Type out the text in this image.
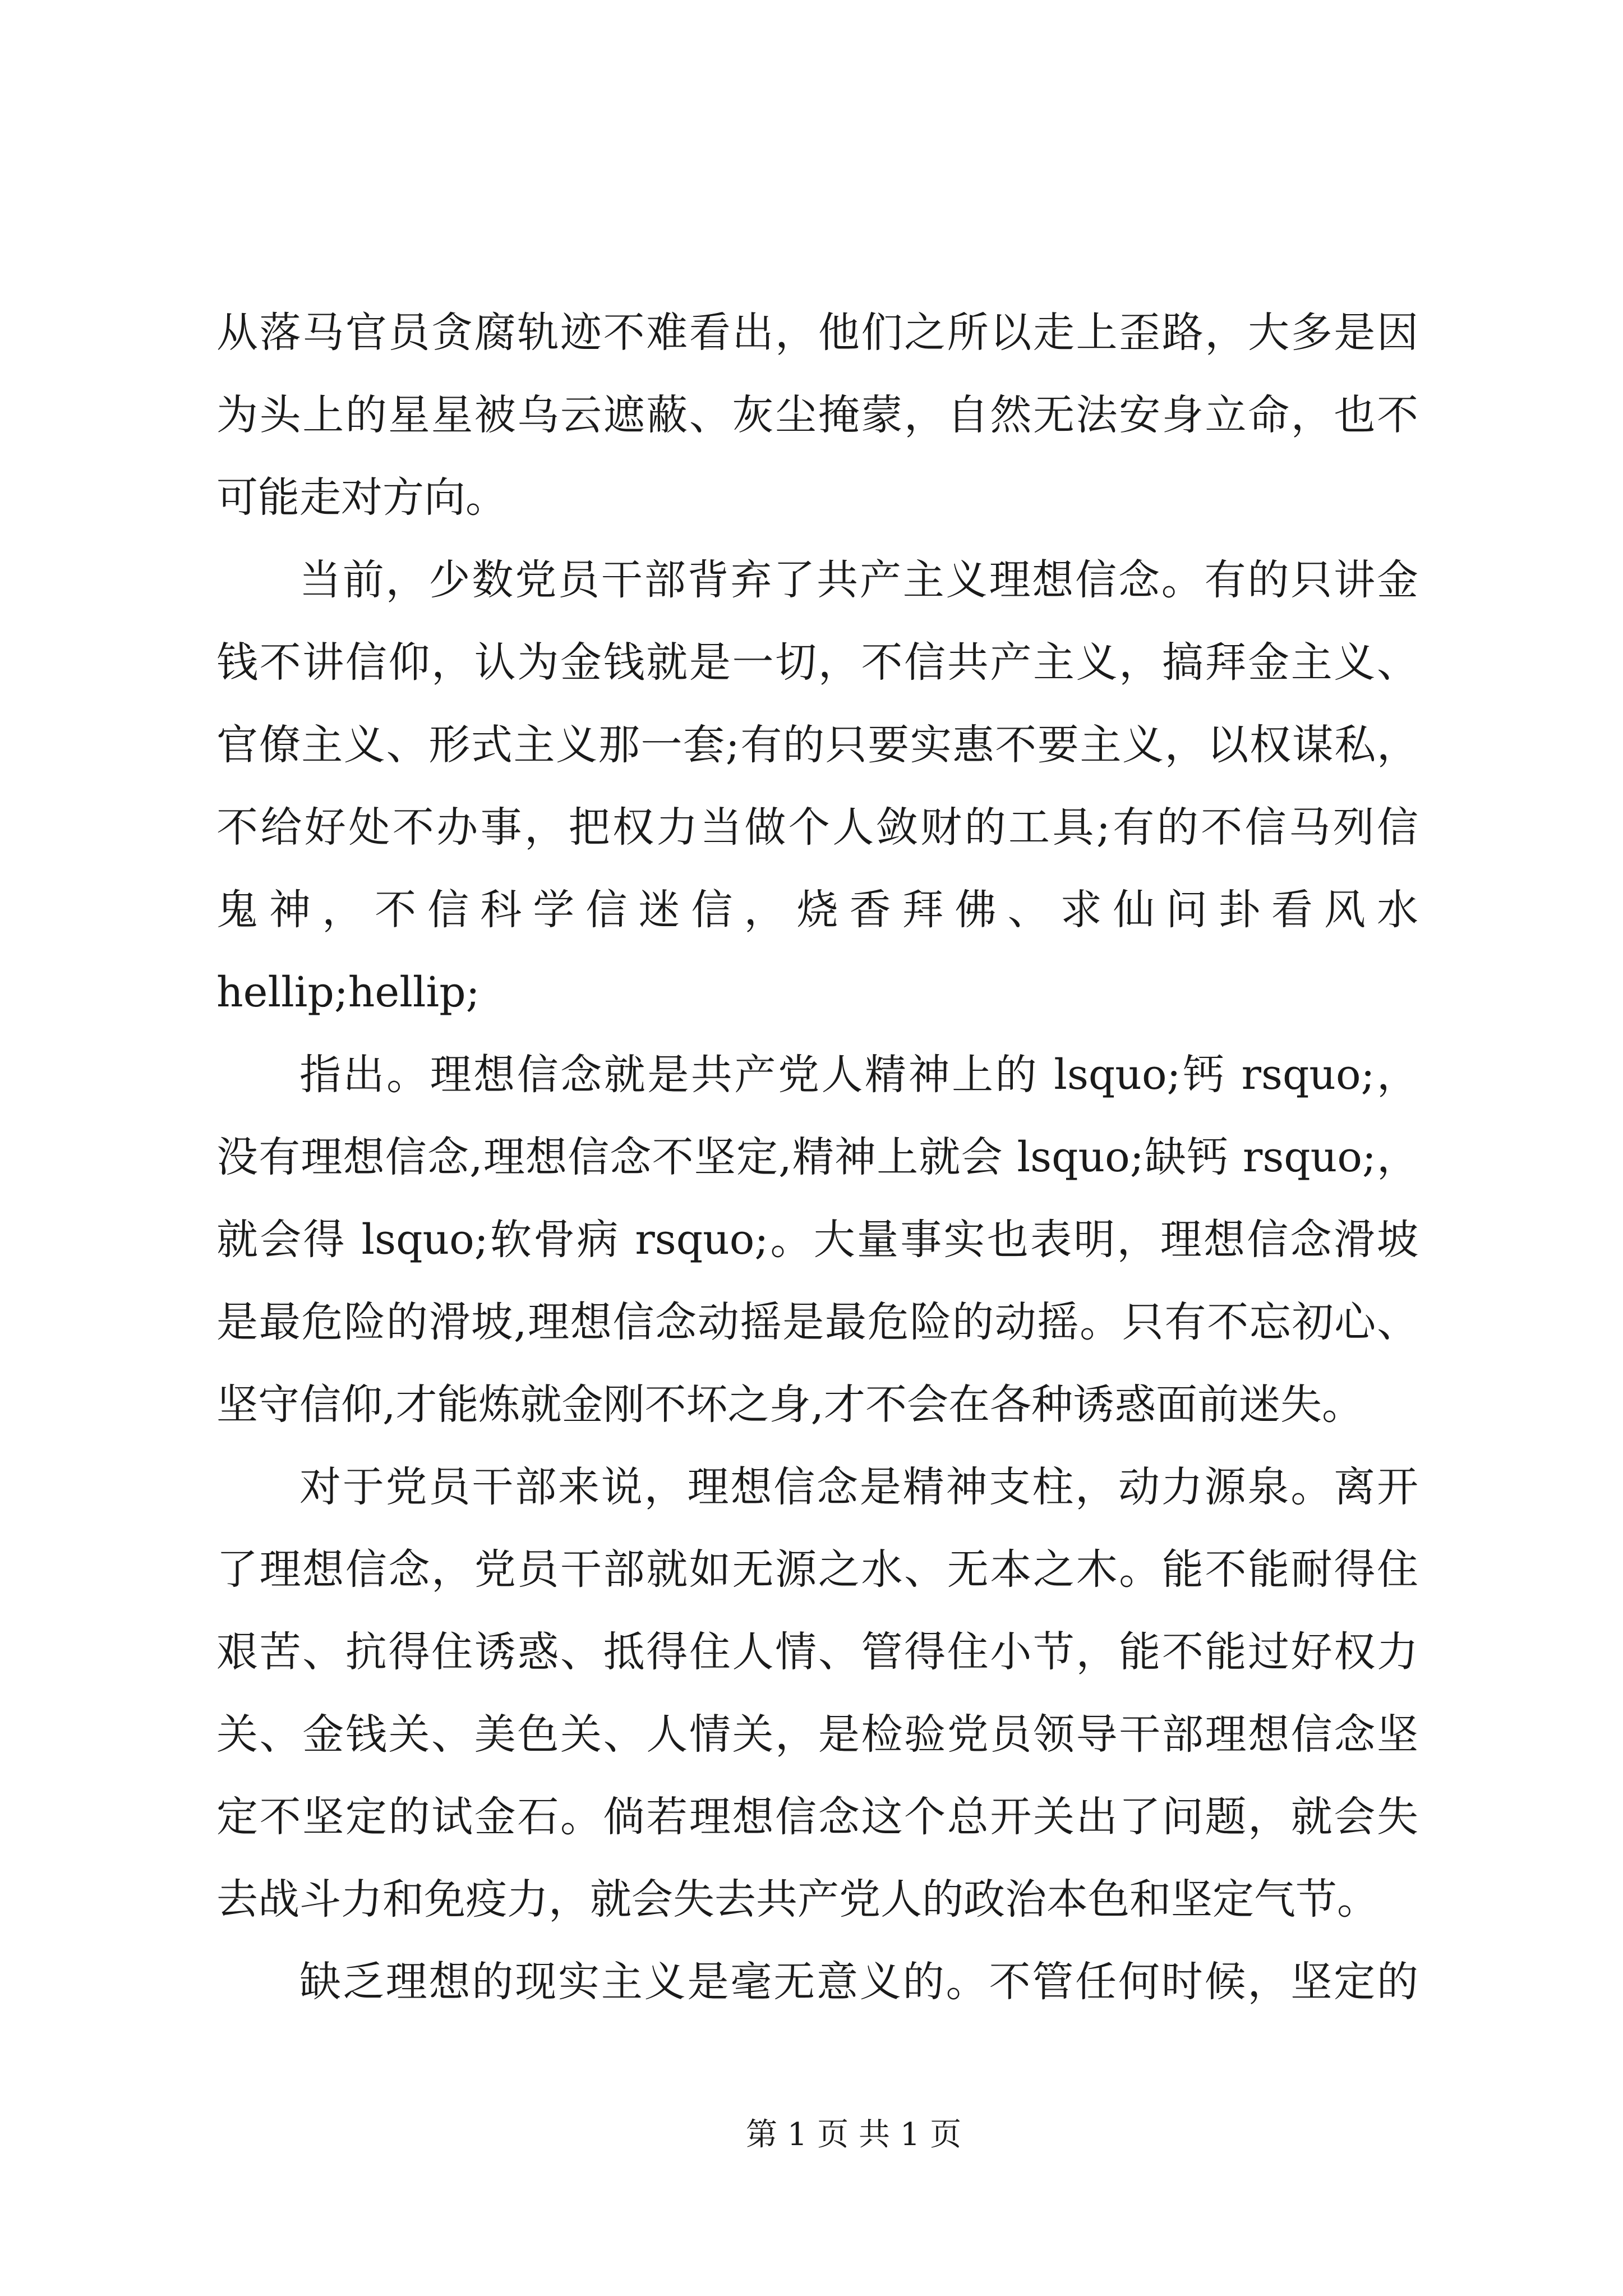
从落马官员贪腐轨迹不难看出，他们之所以走上歪路，大多是因
为头上的星星被乌云遮蔽、灰尘掩蒙，自然无法安身立命，也不
可能走对方向。
当前，少数党员干部背弃了共产主义理想信念。有的只讲金
钱不讲信仰，认为金钱就是一切，不信共产主义，搞拜金主义、
官僚主义、形式主义那一套;有的只要实惠不要主义，以权谋私，
不给好处不办事，把权力当做个人敛财的工具;有的不信马列信
鬼神，不信科学信迷信，烧香拜佛、求仙问卦看风水
hellip;hellip;
指出。理想信念就是共产党人精神上的 lsquo;钙 rsquo;，
没有理想信念,理想信念不坚定,精神上就会 lsquo;缺钙 rsquo;，
就会得 lsquo;软骨病 rsquo;。大量事实也表明，理想信念滑坡
是最危险的滑坡,理想信念动摇是最危险的动摇。只有不忘初心、
坚守信仰,才能炼就金刚不坏之身,才不会在各种诱惑面前迷失。
对于党员干部来说，理想信念是精神支柱，动力源泉。离开
了理想信念，党员干部就如无源之水、无本之木。能不能耐得住
艰苦、抗得住诱惑、抵得住人情、管得住小节，能不能过好权力
关、金钱关、美色关、人情关，是检验党员领导干部理想信念坚
定不坚定的试金石。倘若理想信念这个总开关出了问题，就会失
去战斗力和免疫力，就会失去共产党人的政治本色和坚定气节。
缺乏理想的现实主义是毫无意义的。不管任何时候，坚定的
第 1 页 共 1 页
